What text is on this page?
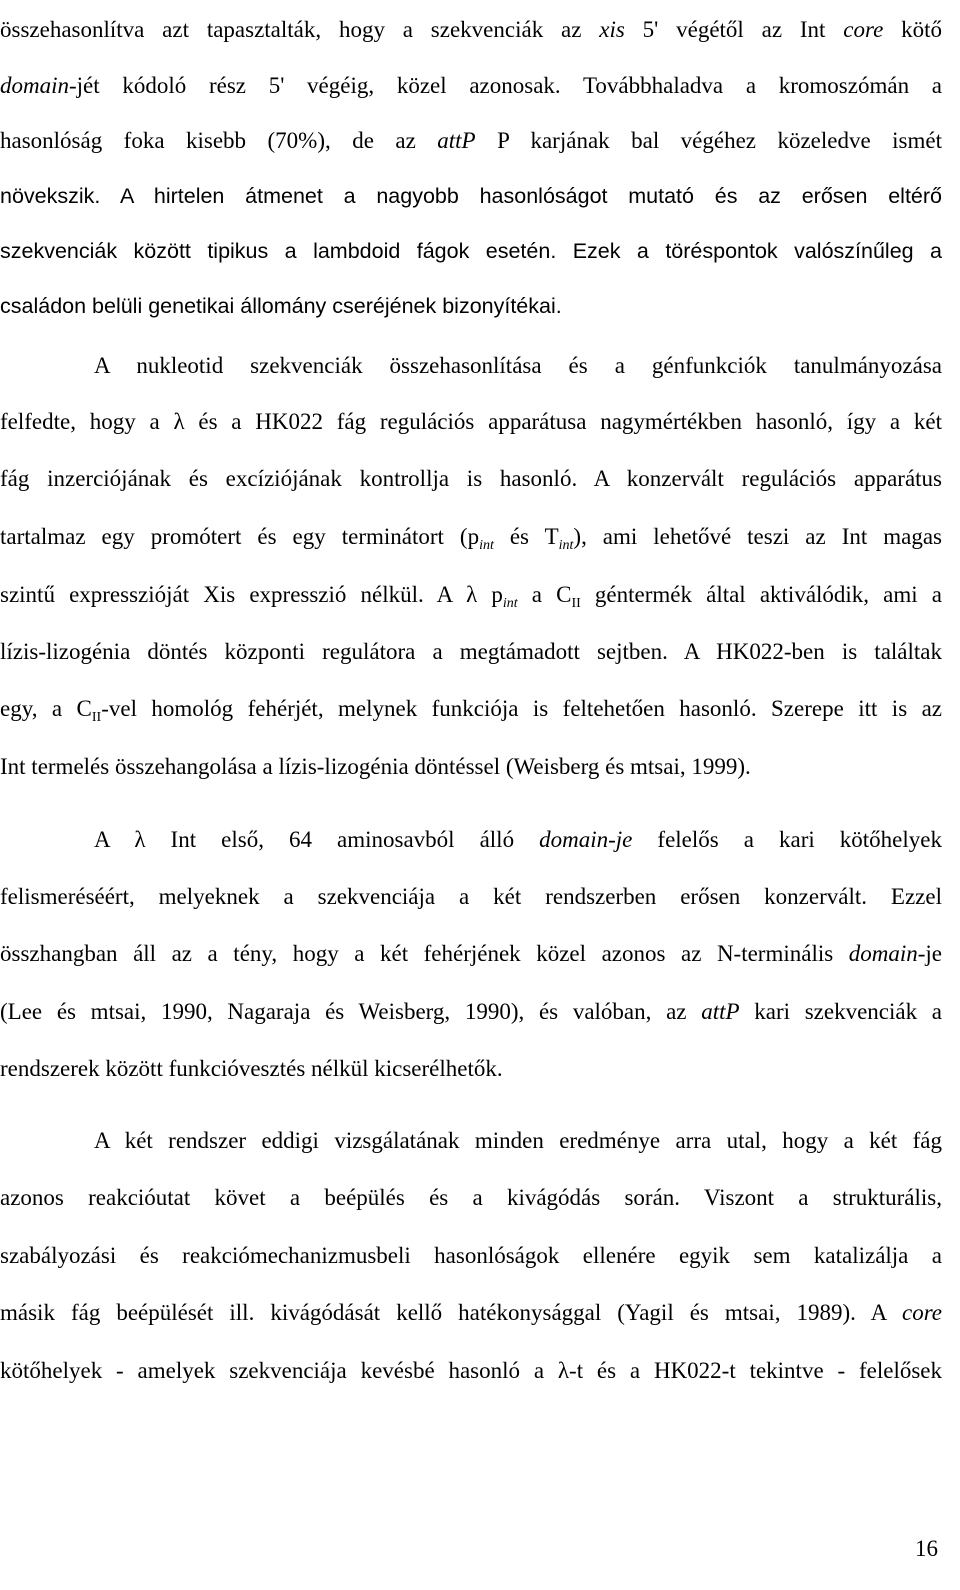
összehasonlítva azt tapasztalták, hogy a szekvenciák az xis 5' végétől az Int core kötő
domain-jét kódoló rész 5' végéig, közel azonosak. Továbbhaladva a kromoszómán a
hasonlóság foka kisebb (70%), de az attP P karjának bal végéhez közeledve ismét
növekszik. A hirtelen átmenet a nagyobb hasonlóságot mutató és az erősen eltérő
szekvenciák között tipikus a lambdoid fágok esetén. Ezek a töréspontok valószínűleg a
családon belüli genetikai állomány cseréjének bizonyítékai.
A nukleotid szekvenciák összehasonlítása és a génfunkciók tanulmányozása
felfedte, hogy a λ és a HK022 fág regulációs apparátusa nagymértékben hasonló, így a két
fág inzerciójának és excíziójának kontrollja is hasonló. A konzervált regulációs apparátus
tartalmaz egy promótert és egy terminátort ($p_{int}$ és $T_{int}$), ami lehetővé teszi az Int magas
szintű expresszióját Xis expresszió nélkül. A λ $p_{int}$ a $C_{II}$ géntermék által aktiválódik, ami a
lízis-lizogénia döntés központi regulátora a megtámadott sejtben. A HK022-ben is találtak
egy, a $C_{II}$-vel homológ fehérjét, melynek funkciója is feltehetően hasonló. Szerepe itt is az
Int termelés összehangolása a lízis-lizogénia döntéssel (Weisberg és mtsai, 1999).
A λ Int első, 64 aminosavból álló domain-je felelős a kari kötőhelyek
felismeréséért, melyeknek a szekvenciája a két rendszerben erősen konzervált. Ezzel
összhangban áll az a tény, hogy a két fehérjének közel azonos az N-terminális domain-je
(Lee és mtsai, 1990, Nagaraja és Weisberg, 1990), és valóban, az attP kari szekvenciák a
rendszerek között funkcióvesztés nélkül kicserélhetők.
A két rendszer eddigi vizsgálatának minden eredménye arra utal, hogy a két fág
azonos reakcióutat követ a beépülés és a kivágódás során. Viszont a strukturális,
szabályozási és reakciómechanizmusbeli hasonlóságok ellenére egyik sem katalizálja a
másik fág beépülését ill. kivágódását kellő hatékonysággal (Yagil és mtsai, 1989). A core
kötőhelyek - amelyek szekvenciája kevésbé hasonló a λ-t és a HK022-t tekintve - felelősek
16
